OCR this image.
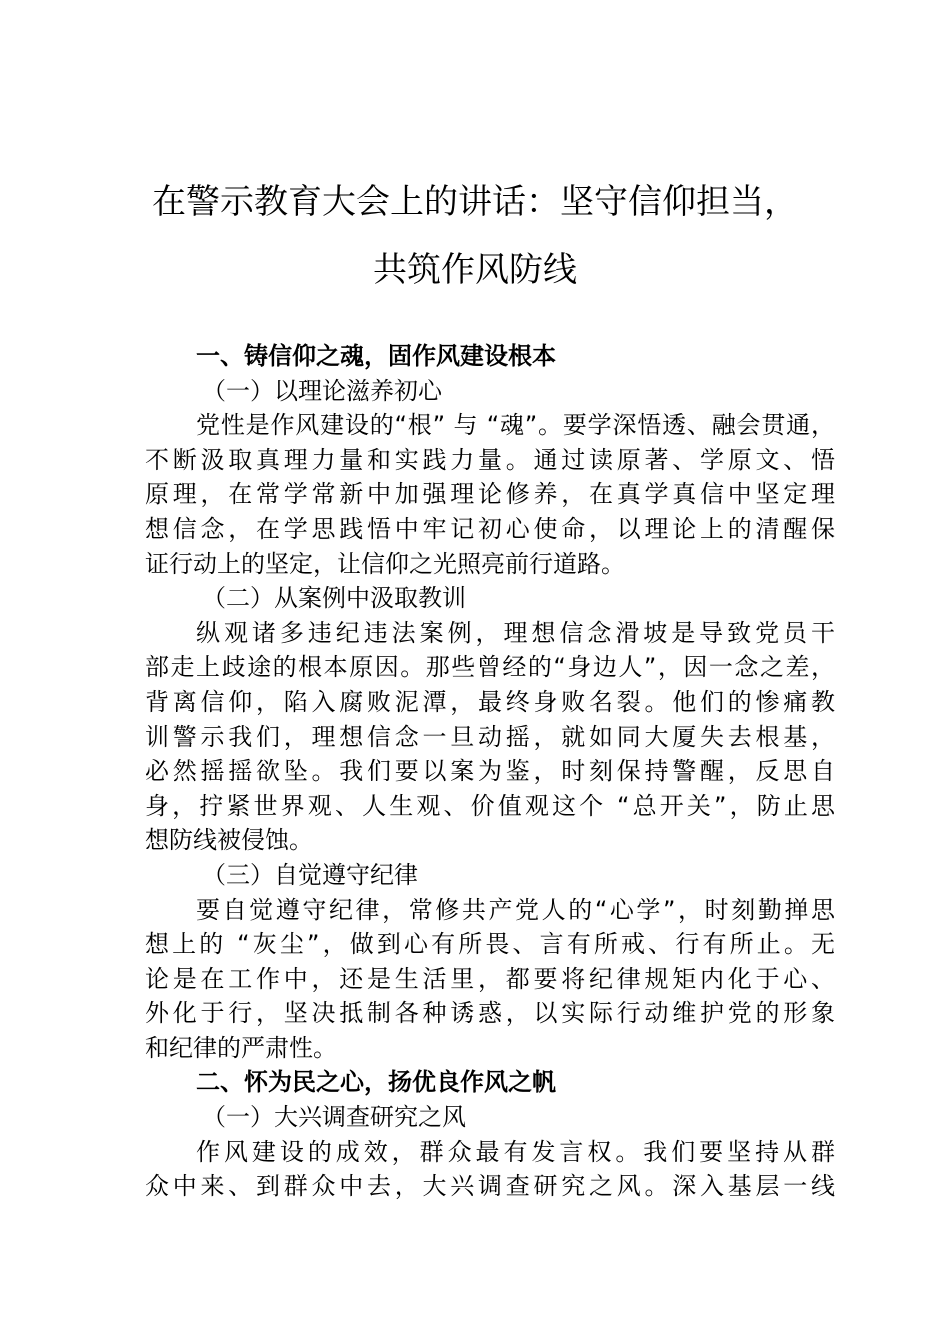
在警示教育大会上的讲话：坚守信仰担当，
共筑作风防线
一、铸信仰之魂，固作风建设根本
（一）以理论滋养初心
党性是作风建设的“根” 与 “魂”。要学深悟透、融会贯通，
不断汲取真理力量和实践力量。通过读原著、学原文、悟
原理，在常学常新中加强理论修养，在真学真信中坚定理
想信念，在学思践悟中牢记初心使命，以理论上的清醒保
证行动上的坚定，让信仰之光照亮前行道路。
（二）从案例中汲取教训
纵观诸多违纪违法案例，理想信念滑坡是导致党员干
部走上歧途的根本原因。那些曾经的“身边人”，因一念之差，
背离信仰，陷入腐败泥潭，最终身败名裂。他们的惨痛教
训警示我们，理想信念一旦动摇，就如同大厦失去根基，
必然摇摇欲坠。我们要以案为鉴，时刻保持警醒，反思自
身，拧紧世界观、人生观、价值观这个 “总开关”，防止思
想防线被侵蚀。
（三）自觉遵守纪律
要自觉遵守纪律，常修共产党人的“心学”，时刻勤掸思
想上的 “灰尘”，做到心有所畏、言有所戒、行有所止。无
论是在工作中，还是生活里，都要将纪律规矩内化于心、
外化于行，坚决抵制各种诱惑，以实际行动维护党的形象
和纪律的严肃性。
二、怀为民之心，扬优良作风之帆
（一）大兴调查研究之风
作风建设的成效，群众最有发言权。我们要坚持从群
众中来、到群众中去，大兴调查研究之风。深入基层一线
